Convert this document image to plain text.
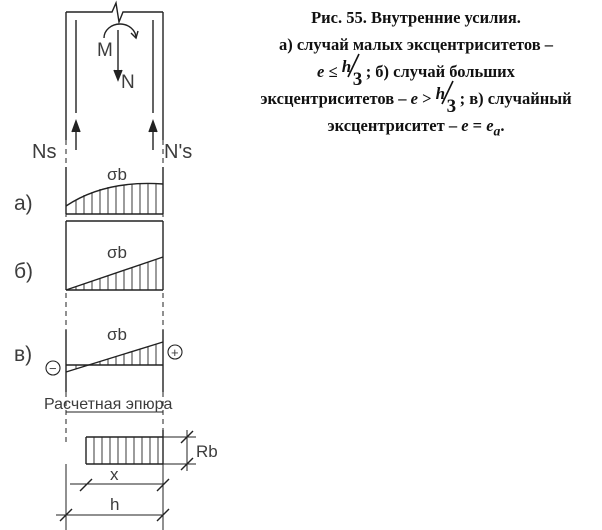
M
N
Ns	N's
σb
σb
σb
а)
б)
в)
−
+
Расчетная эпюра
Rb
x
h
Рис. 55. Внутренние усилия.
а) случай малых эксцентриситетов –
e ≤ h
3 ; б) случай больших
эксцентриситетов – e > h
3 ; в) случайный
эксцентриситет – $e = e_a$.
